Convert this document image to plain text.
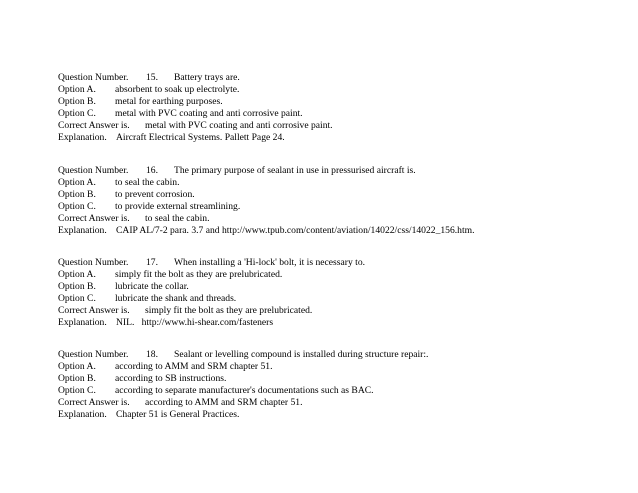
Question Number. 15. Battery trays are.
Option A. absorbent to soak up electrolyte.
Option B. metal for earthing purposes.
Option C. metal with PVC coating and anti corrosive paint.
Correct Answer is. metal with PVC coating and anti corrosive paint.
Explanation. Aircraft Electrical Systems. Pallett Page 24.
Question Number. 16. The primary purpose of sealant in use in pressurised aircraft is.
Option A. to seal the cabin.
Option B. to prevent corrosion.
Option C. to provide external streamlining.
Correct Answer is. to seal the cabin.
Explanation. CAIP AL/7-2 para. 3.7 and http://www.tpub.com/content/aviation/14022/css/14022_156.htm.
Question Number. 17. When installing a 'Hi-lock' bolt, it is necessary to.
Option A. simply fit the bolt as they are prelubricated.
Option B. lubricate the collar.
Option C. lubricate the shank and threads.
Correct Answer is. simply fit the bolt as they are prelubricated.
Explanation. NIL.   http://www.hi-shear.com/fasteners
Question Number. 18. Sealant or levelling compound is installed during structure repair:.
Option A. according to AMM and SRM chapter 51.
Option B. according to SB instructions.
Option C. according to separate manufacturer's documentations such as BAC.
Correct Answer is. according to AMM and SRM chapter 51.
Explanation. Chapter 51 is General Practices.
